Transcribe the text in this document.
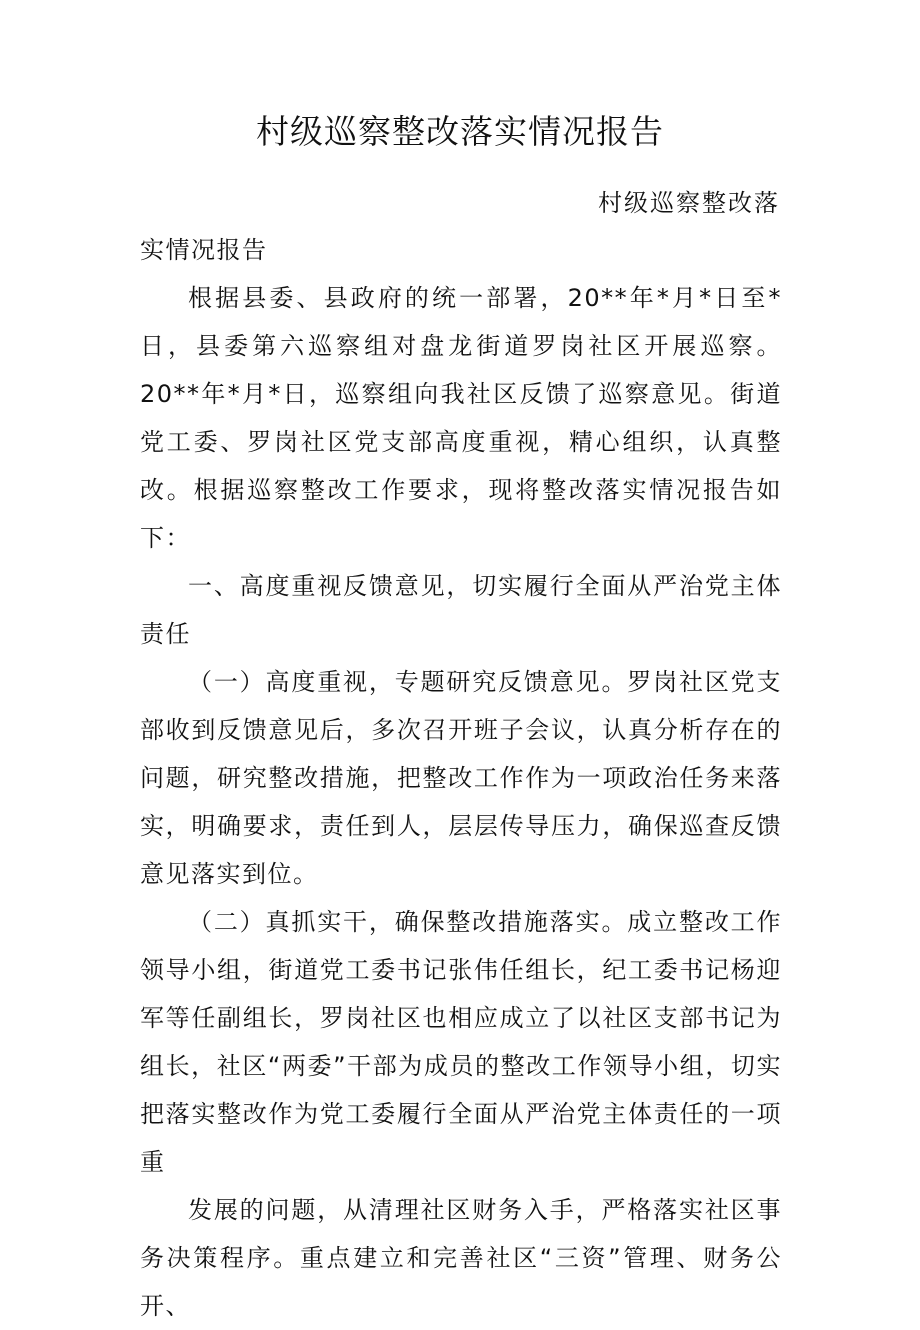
村级巡察整改落实情况报告
村级巡察整改落

实情况报告

根据县委、县政府的统一部署，20**年*月*日至*日，县委第六巡察组对盘龙街道罗岗社区开展巡察。20**年*月*日，巡察组向我社区反馈了巡察意见。街道党工委、罗岗社区党支部高度重视，精心组织，认真整改。根据巡察整改工作要求，现将整改落实情况报告如下：

一、高度重视反馈意见，切实履行全面从严治党主体责任

（一）高度重视，专题研究反馈意见。罗岗社区党支部收到反馈意见后，多次召开班子会议，认真分析存在的问题，研究整改措施，把整改工作作为一项政治任务来落实，明确要求，责任到人，层层传导压力，确保巡查反馈意见落实到位。

（二）真抓实干，确保整改措施落实。成立整改工作领导小组，街道党工委书记张伟任组长，纪工委书记杨迎军等任副组长，罗岗社区也相应成立了以社区支部书记为组长，社区“两委”干部为成员的整改工作领导小组，切实把落实整改作为党工委履行全面从严治党主体责任的一项重

发展的问题，从清理社区财务入手，严格落实社区事务决策程序。重点建立和完善社区“三资”管理、财务公开、
